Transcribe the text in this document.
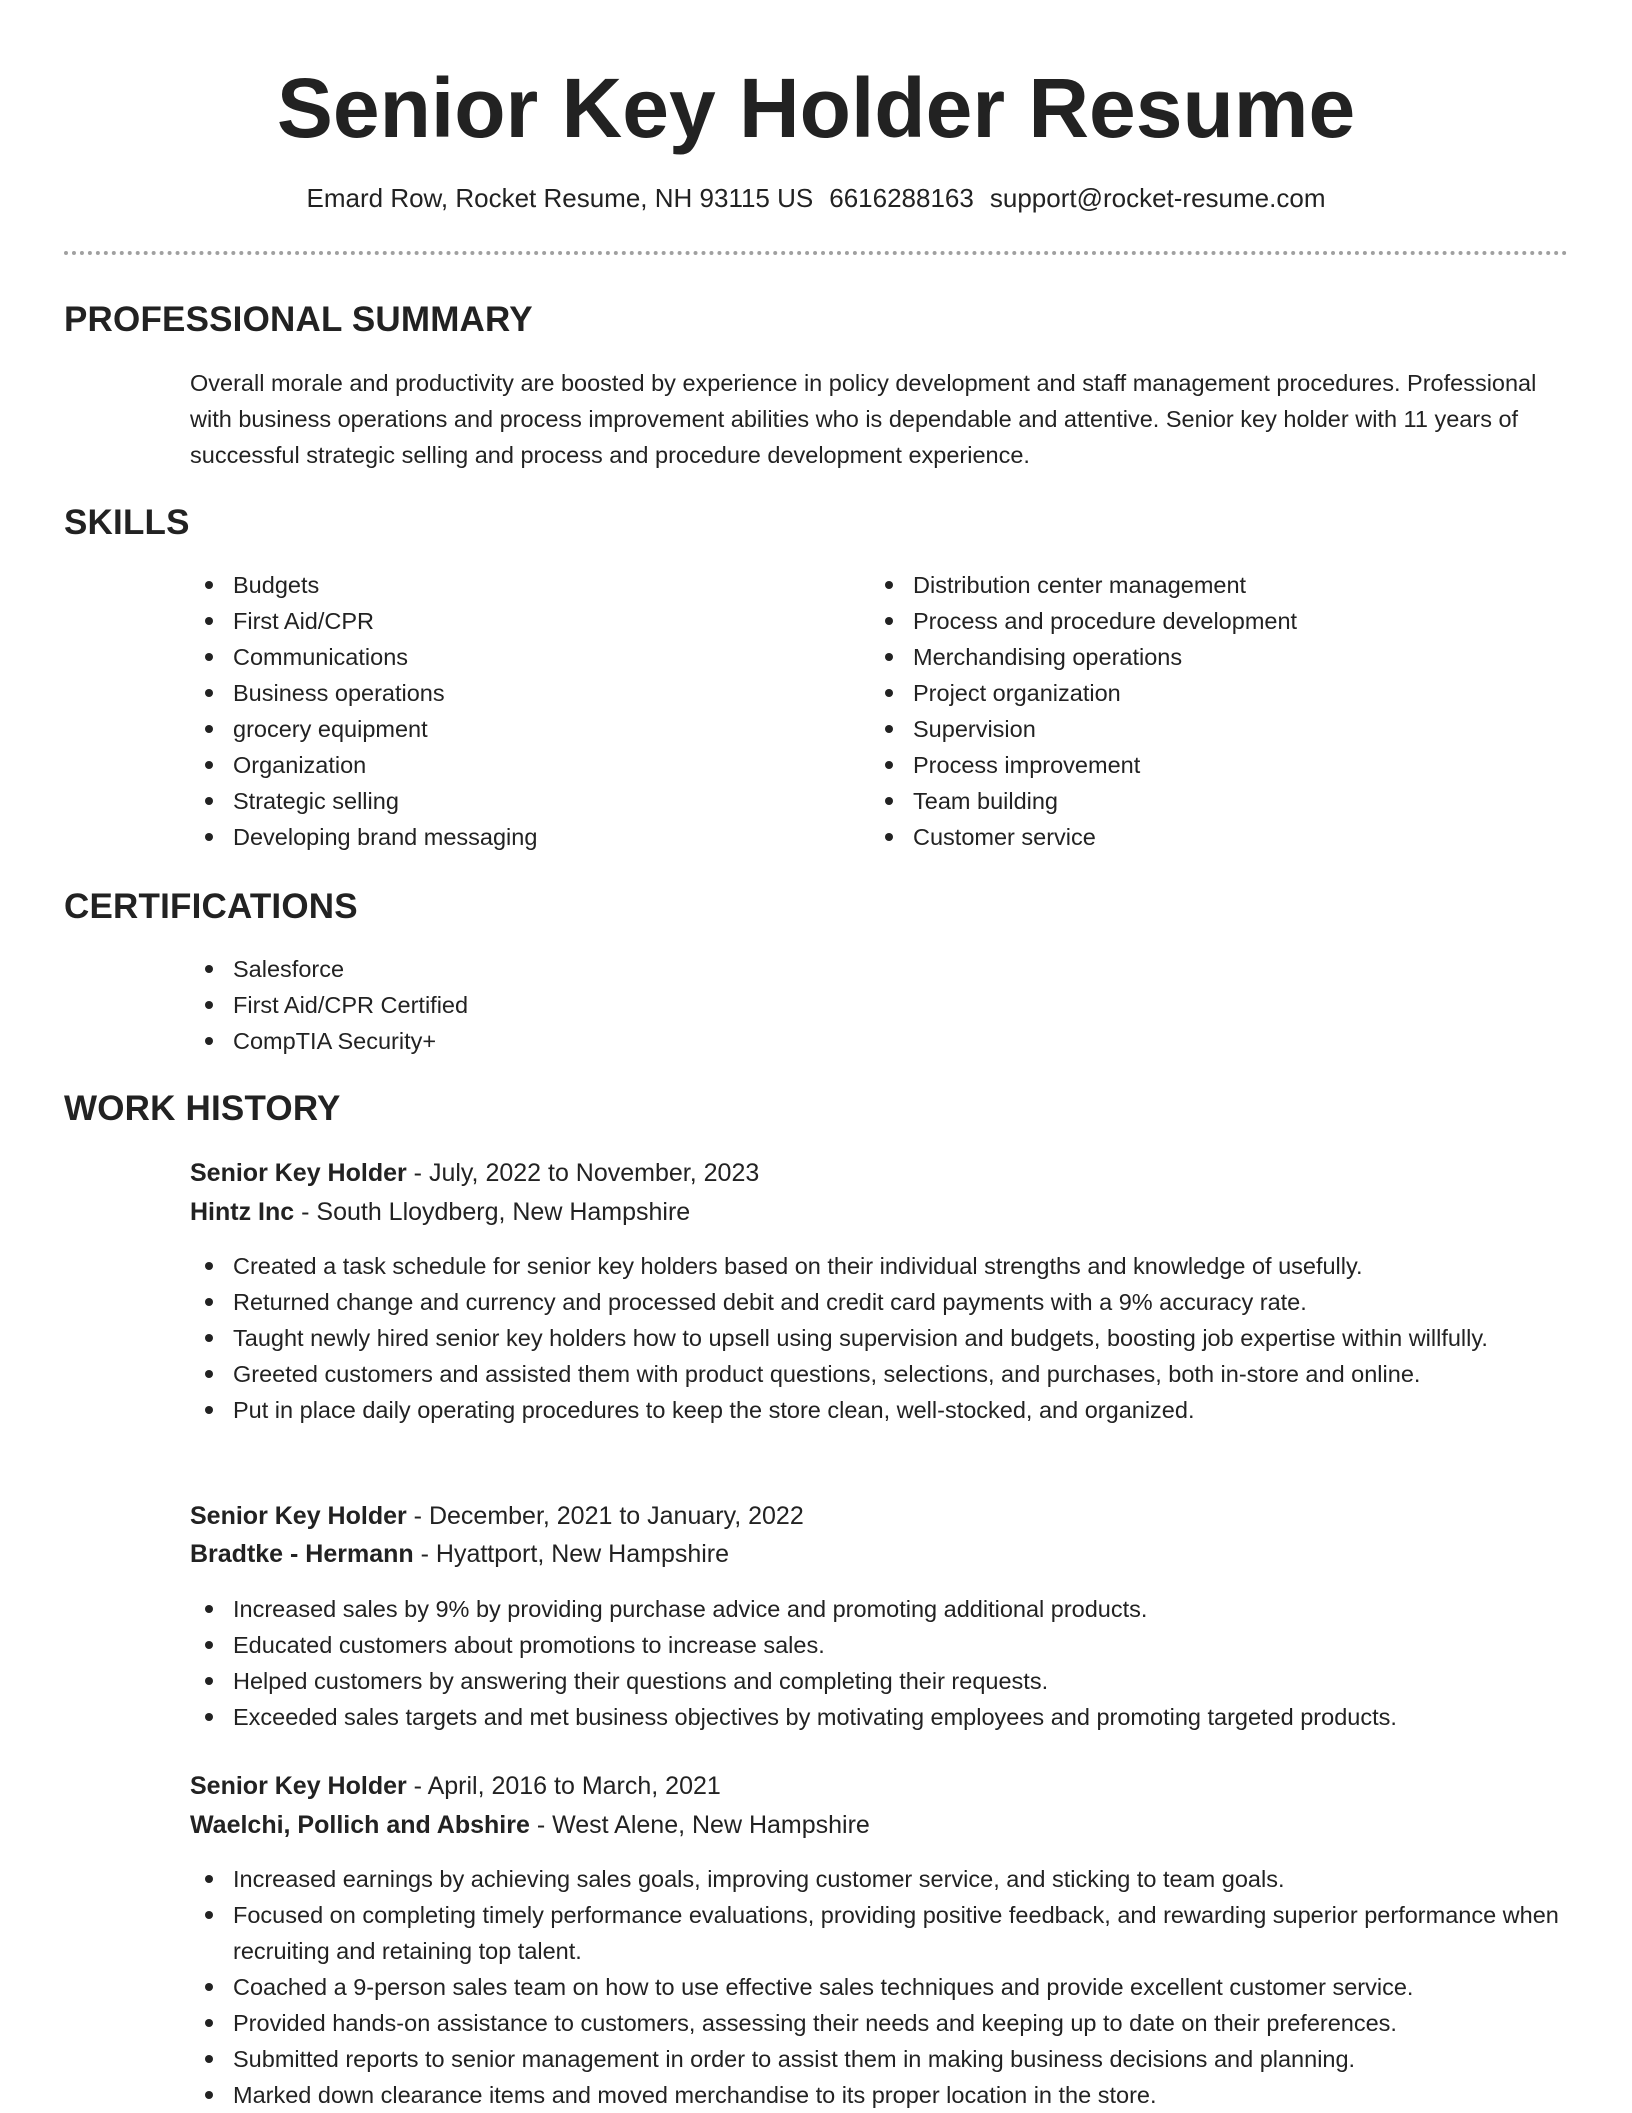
Senior Key Holder Resume
Emard Row, Rocket Resume, NH 93115 US 6616288163 support@rocket-resume.com
PROFESSIONAL SUMMARY

Overall morale and productivity are boosted by experience in policy development and staff management procedures. Professional with business operations and process improvement abilities who is dependable and attentive. Senior key holder with 11 years of successful strategic selling and process and procedure development experience.

SKILLS
Budgets
First Aid/CPR
Communications
Business operations
grocery equipment
Organization
Strategic selling
Developing brand messaging
Distribution center management
Process and procedure development
Merchandising operations
Project organization
Supervision
Process improvement
Team building
Customer service
CERTIFICATIONS
Salesforce
First Aid/CPR Certified
CompTIA Security+
WORK HISTORY
Senior Key Holder - July, 2022 to November, 2023
Hintz Inc - South Lloydberg, New Hampshire
Created a task schedule for senior key holders based on their individual strengths and knowledge of usefully.
Returned change and currency and processed debit and credit card payments with a 9% accuracy rate.
Taught newly hired senior key holders how to upsell using supervision and budgets, boosting job expertise within willfully.
Greeted customers and assisted them with product questions, selections, and purchases, both in-store and online.
Put in place daily operating procedures to keep the store clean, well-stocked, and organized.
Senior Key Holder - December, 2021 to January, 2022
Bradtke - Hermann - Hyattport, New Hampshire
Increased sales by 9% by providing purchase advice and promoting additional products.
Educated customers about promotions to increase sales.
Helped customers by answering their questions and completing their requests.
Exceeded sales targets and met business objectives by motivating employees and promoting targeted products.
Senior Key Holder - April, 2016 to March, 2021
Waelchi, Pollich and Abshire - West Alene, New Hampshire
Increased earnings by achieving sales goals, improving customer service, and sticking to team goals.
Focused on completing timely performance evaluations, providing positive feedback, and rewarding superior performance when recruiting and retaining top talent.
Coached a 9-person sales team on how to use effective sales techniques and provide excellent customer service.
Provided hands-on assistance to customers, assessing their needs and keeping up to date on their preferences.
Submitted reports to senior management in order to assist them in making business decisions and planning.
Marked down clearance items and moved merchandise to its proper location in the store.
